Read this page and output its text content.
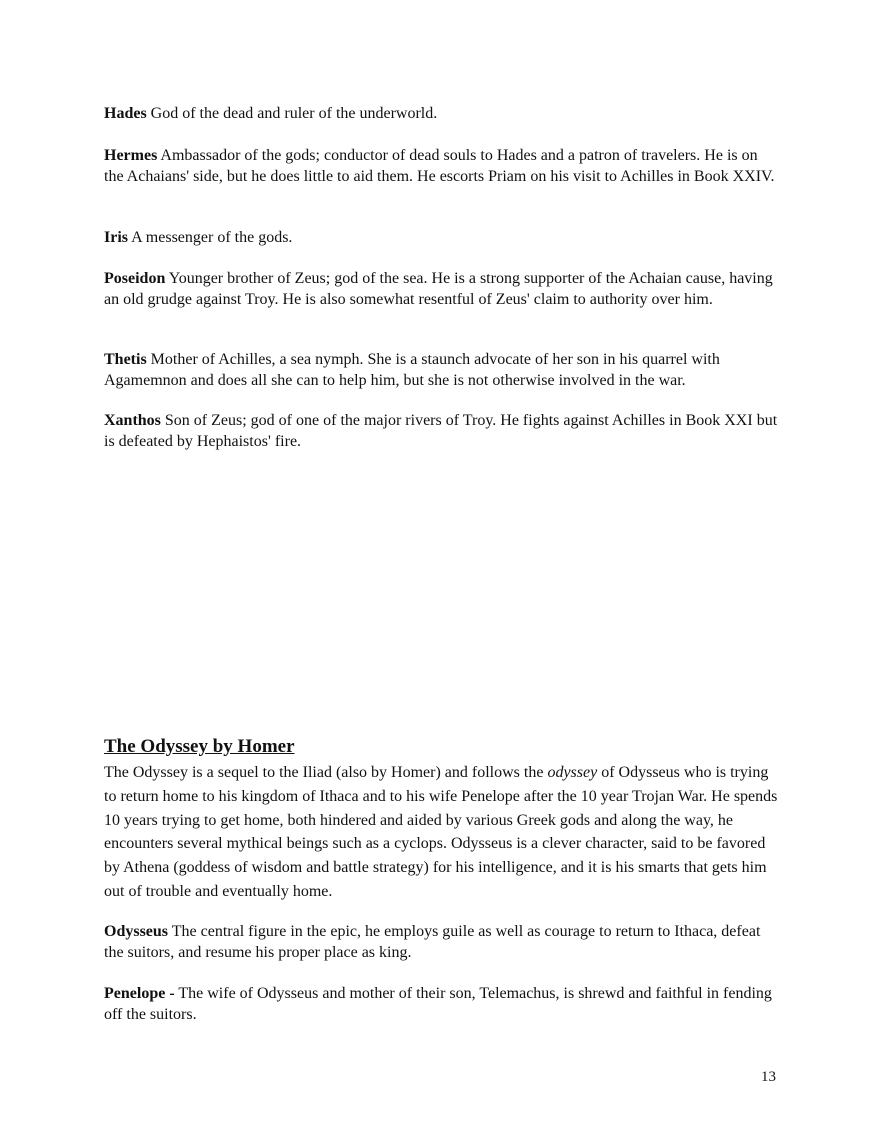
Hades God of the dead and ruler of the underworld.

Hermes Ambassador of the gods; conductor of dead souls to Hades and a patron of travelers. He is on the Achaians' side, but he does little to aid them. He escorts Priam on his visit to Achilles in Book XXIV.

Iris A messenger of the gods.

Poseidon Younger brother of Zeus; god of the sea. He is a strong supporter of the Achaian cause, having an old grudge against Troy. He is also somewhat resentful of Zeus' claim to authority over him.

Thetis Mother of Achilles, a sea nymph. She is a staunch advocate of her son in his quarrel with Agamemnon and does all she can to help him, but she is not otherwise involved in the war.

Xanthos Son of Zeus; god of one of the major rivers of Troy. He fights against Achilles in Book XXI but is defeated by Hephaistos' fire.

The Odyssey by Homer

The Odyssey is a sequel to the Iliad (also by Homer) and follows the odyssey of Odysseus who is trying to return home to his kingdom of Ithaca and to his wife Penelope after the 10 year Trojan War. He spends 10 years trying to get home, both hindered and aided by various Greek gods and along the way, he encounters several mythical beings such as a cyclops. Odysseus is a clever character, said to be favored by Athena (goddess of wisdom and battle strategy) for his intelligence, and it is his smarts that gets him out of trouble and eventually home.

Odysseus The central figure in the epic, he employs guile as well as courage to return to Ithaca, defeat the suitors, and resume his proper place as king.

Penelope - The wife of Odysseus and mother of their son, Telemachus, is shrewd and faithful in fending off the suitors.

13
